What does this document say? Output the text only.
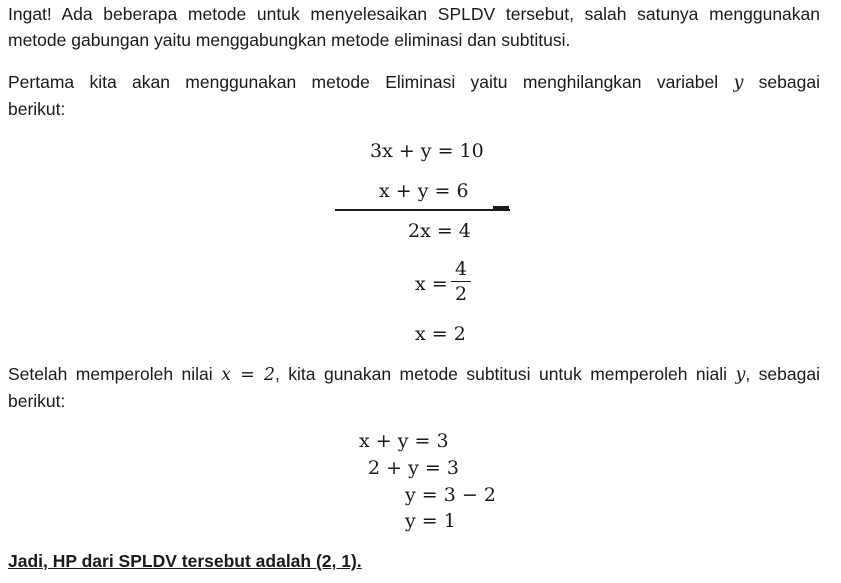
Ingat! Ada beberapa metode untuk menyelesaikan SPLDV tersebut, salah satunya menggunakan
metode gabungan yaitu menggabungkan metode eliminasi dan subtitusi.
Pertama kita akan menggunakan metode Eliminasi yaitu menghilangkan variabel y sebagai
berikut:
3x + y = 10
x + y = 6
2x = 4
x =
4
2
x = 2
Setelah memperoleh nilai x = 2, kita gunakan metode subtitusi untuk memperoleh niali y, sebagai
berikut:
x + y = 3
2 + y = 3
y = 3 − 2
y = 1
Jadi, HP dari SPLDV tersebut adalah (2, 1).
